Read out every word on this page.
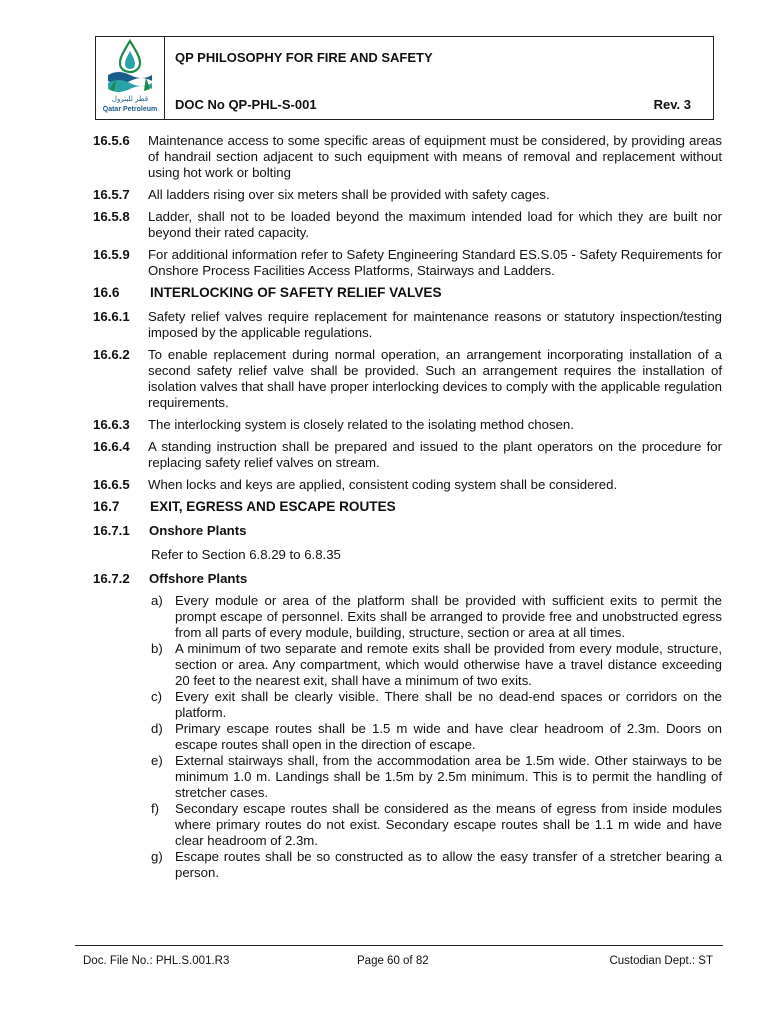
قطر للبترول
Qatar Petroleum
QP PHILOSOPHY FOR FIRE AND SAFETY
DOC No QP-PHL-S-001	Rev. 3
16.5.6	Maintenance access to some specific areas of equipment must be considered, by providing areas of handrail section adjacent to such equipment with means of removal and replacement without using hot work or bolting
16.5.7	All ladders rising over six meters shall be provided with safety cages.
16.5.8	Ladder, shall not to be loaded beyond the maximum intended load for which they are built nor beyond their rated capacity.
16.5.9	For additional information refer to Safety Engineering Standard ES.S.05 - Safety Requirements for Onshore Process Facilities Access Platforms, Stairways and Ladders.
16.6	INTERLOCKING OF SAFETY RELIEF VALVES
16.6.1	Safety relief valves require replacement for maintenance reasons or statutory inspection/testing imposed by the applicable regulations.
16.6.2	To enable replacement during normal operation, an arrangement incorporating installation of a second safety relief valve shall be provided. Such an arrangement requires the installation of isolation valves that shall have proper interlocking devices to comply with the applicable regulation requirements.
16.6.3	The interlocking system is closely related to the isolating method chosen.
16.6.4	A standing instruction shall be prepared and issued to the plant operators on the procedure for replacing safety relief valves on stream.
16.6.5	When locks and keys are applied, consistent coding system shall be considered.
16.7	EXIT, EGRESS AND ESCAPE ROUTES
16.7.1	Onshore Plants
Refer to Section 6.8.29 to 6.8.35
16.7.2	Offshore Plants
a) Every module or area of the platform shall be provided with sufficient exits to permit the prompt escape of personnel. Exits shall be arranged to provide free and unobstructed egress from all parts of every module, building, structure, section or area at all times.
b) A minimum of two separate and remote exits shall be provided from every module, structure, section or area. Any compartment, which would otherwise have a travel distance exceeding 20 feet to the nearest exit, shall have a minimum of two exits.
c) Every exit shall be clearly visible. There shall be no dead-end spaces or corridors on the platform.
d) Primary escape routes shall be 1.5 m wide and have clear headroom of 2.3m. Doors on escape routes shall open in the direction of escape.
e) External stairways shall, from the accommodation area be 1.5m wide. Other stairways to be minimum 1.0 m. Landings shall be 1.5m by 2.5m minimum. This is to permit the handling of stretcher cases.
f)	Secondary escape routes shall be considered as the means of egress from inside modules where primary routes do not exist. Secondary escape routes shall be 1.1 m wide and have clear headroom of 2.3m.
g) Escape routes shall be so constructed as to allow the easy transfer of a stretcher bearing a person.
Doc. File No.: PHL.S.001.R3	Page 60 of 82	Custodian Dept.: ST
